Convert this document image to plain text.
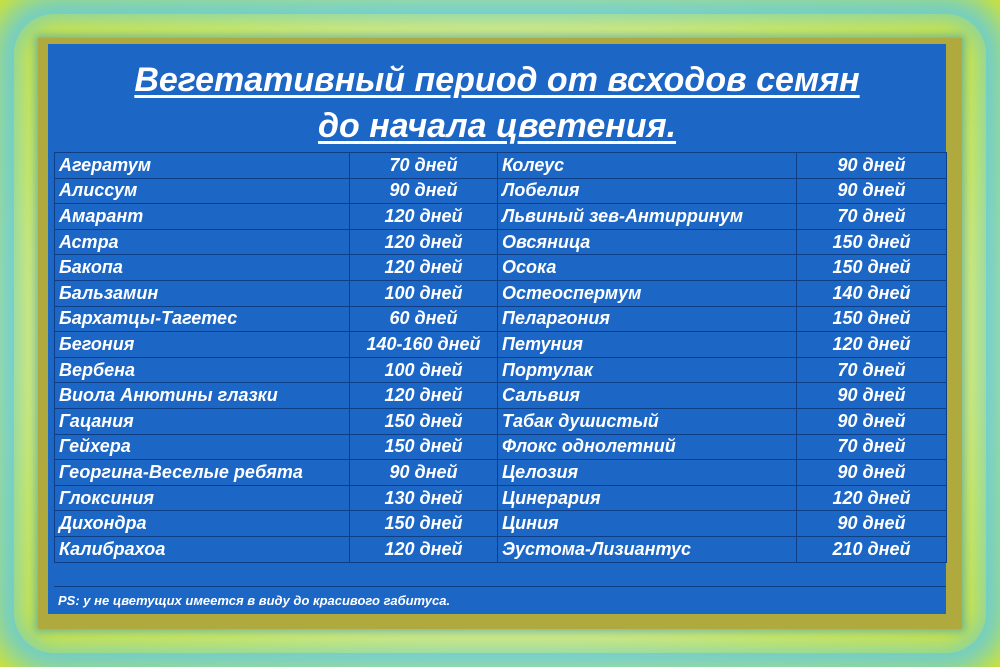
Вегетативный период от всходов семян
до начала цветения.
Агератум	70 дней	Колеус	90 дней
Алиссум	90 дней	Лобелия	90 дней
Амарант	120 дней	Львиный зев-Антирринум	70 дней
Астра	120 дней	Овсяница	150 дней
Бакопа	120 дней	Осока	150 дней
Бальзамин	100 дней	Остеоспермум	140 дней
Бархатцы-Тагетес	60 дней	Пеларгония	150 дней
Бегония	140-160 дней	Петуния	120 дней
Вербена	100 дней	Портулак	70 дней
Виола Анютины глазки	120 дней	Сальвия	90 дней
Гацания	150 дней	Табак душистый	90 дней
Гейхера	150 дней	Флокс однолетний	70 дней
Георгина-Веселые ребята	90 дней	Целозия	90 дней
Глоксиния	130 дней	Цинерария	120 дней
Дихондра	150 дней	Циния	90 дней
Калибрахоа	120 дней	Эустома-Лизиантус	210 дней
PS: у не цветущих имеется в виду до красивого габитуса.
